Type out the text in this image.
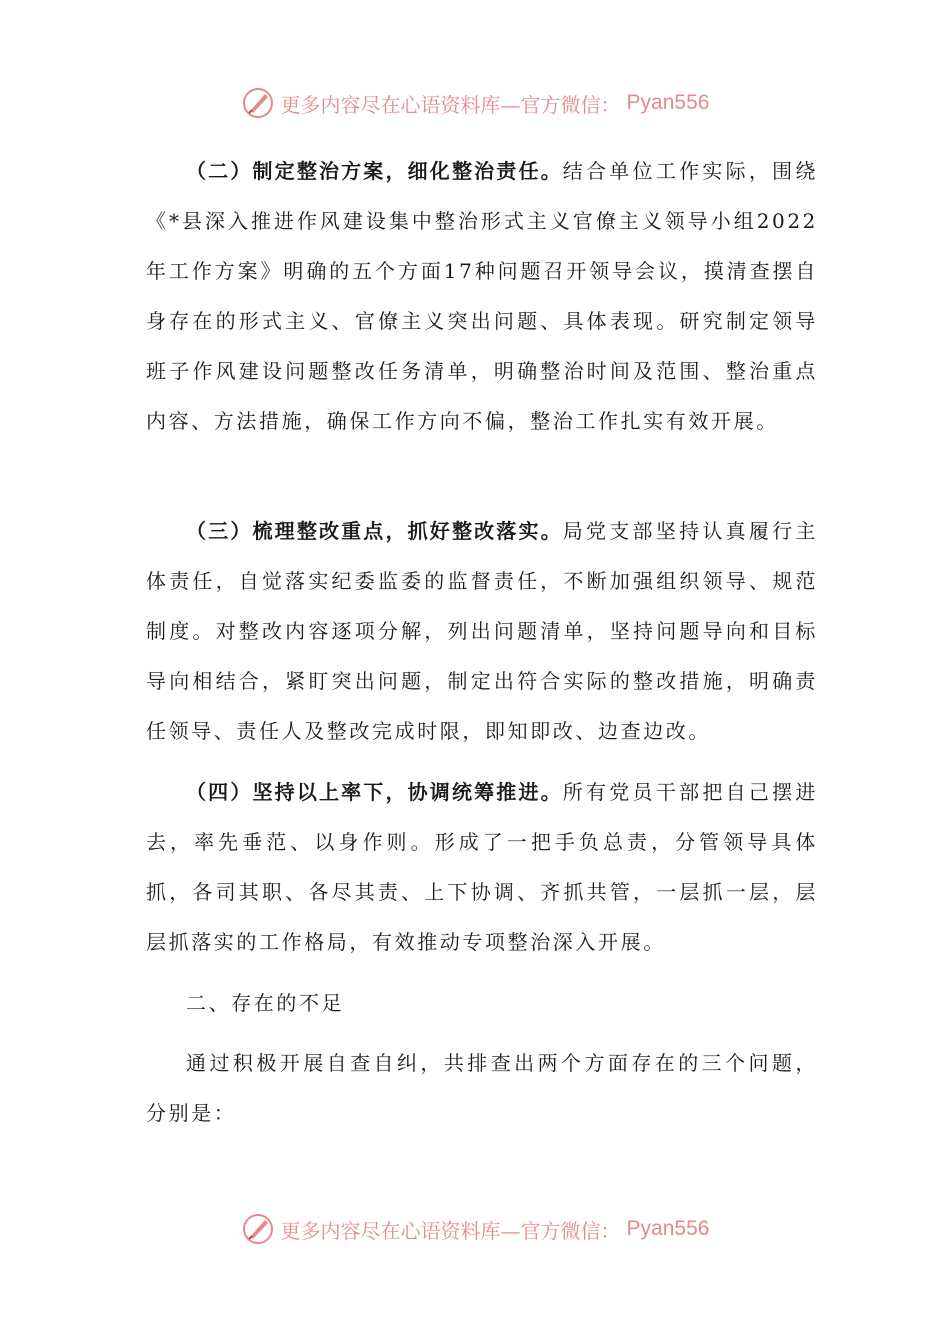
更多内容尽在心语资料库—官方微信： Pyan556

（二）制定整治方案，细化整治责任。结合单位工作实际，围绕《*县深入推进作风建设集中整治形式主义官僚主义领导小组2022年工作方案》明确的五个方面17种问题召开领导会议，摸清查摆自身存在的形式主义、官僚主义突出问题、具体表现。研究制定领导班子作风建设问题整改任务清单，明确整治时间及范围、整治重点内容、方法措施，确保工作方向不偏，整治工作扎实有效开展。

（三）梳理整改重点，抓好整改落实。局党支部坚持认真履行主体责任，自觉落实纪委监委的监督责任，不断加强组织领导、规范制度。对整改内容逐项分解，列出问题清单，坚持问题导向和目标导向相结合，紧盯突出问题，制定出符合实际的整改措施，明确责任领导、责任人及整改完成时限，即知即改、边查边改。

（四）坚持以上率下，协调统筹推进。所有党员干部把自己摆进去，率先垂范、以身作则。形成了一把手负总责，分管领导具体抓，各司其职、各尽其责、上下协调、齐抓共管，一层抓一层，层层抓落实的工作格局，有效推动专项整治深入开展。

二、存在的不足

通过积极开展自查自纠，共排查出两个方面存在的三个问题，分别是：

更多内容尽在心语资料库—官方微信： Pyan556
